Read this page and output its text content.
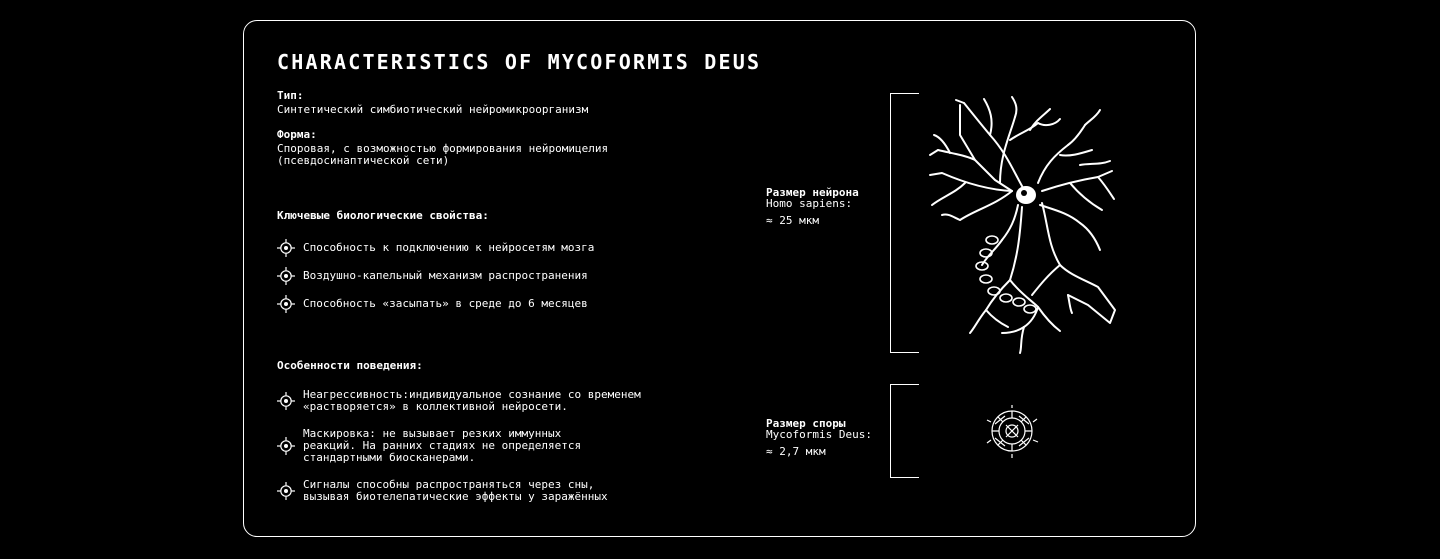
CHARACTERISTICS OF MYCOFORMIS DEUS
Тип:
Синтетический симбиотический нейромикроорганизм
Форма:
Споровая, с возможностью формирования нейромицелия
(псевдосинаптической сети)
Ключевые биологические свойства:
Способность к подключению к нейросетям мозга
Воздушно-капельный механизм распространения
Способность «засыпать» в среде до 6 месяцев
Особенности поведения:
Неагрессивность:индивидуальное сознание со временем
«растворяется» в коллективной нейросети.
Маскировка: не вызывает резких иммунных
реакций. На ранних стадиях не определяется
стандартными биосканерами.
Сигналы способны распространяться через сны,
вызывая биотелепатические эффекты у заражённых
Размер нейрона
Homo sapiens:
≈ 25 мкм
Размер споры
Mycoformis Deus:
≈ 2,7 мкм
